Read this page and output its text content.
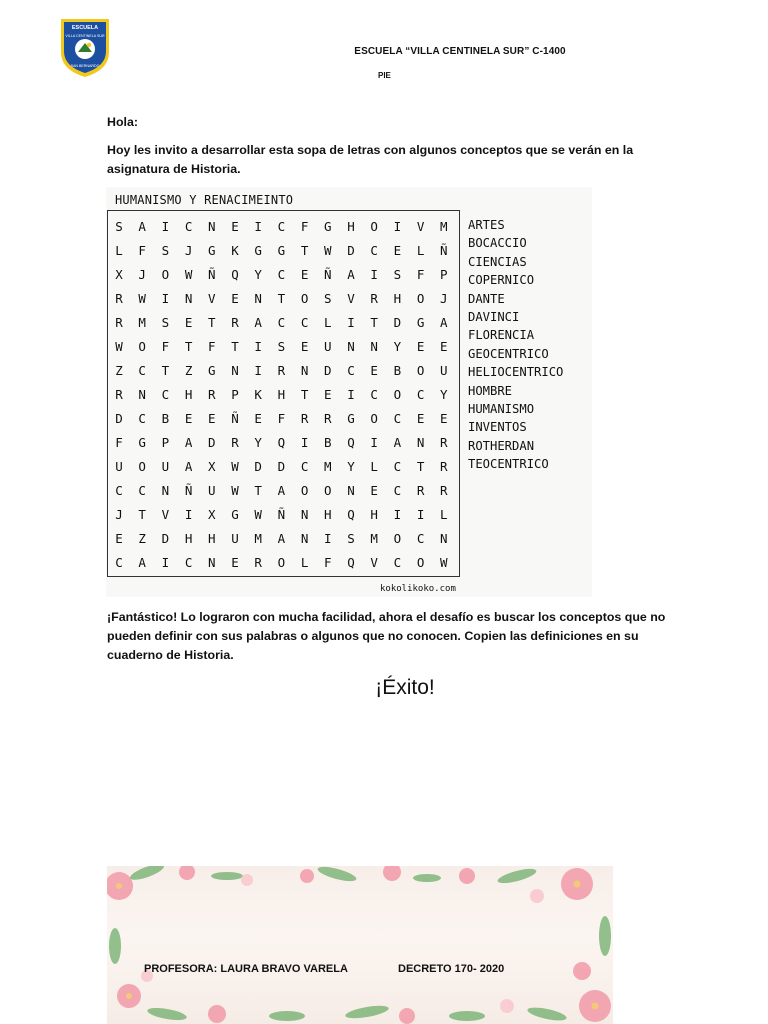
ESCUELA
VILLA CENTINELA SUR
SAN BERNARDO
ESCUELA “VILLA CENTINELA SUR” C-1400
PIE
Hola:
Hoy les invito a desarrollar esta sopa de letras con algunos conceptos que se verán en la asignatura de Historia.
HUMANISMO Y RENACIMEINTO
S	A	I	C	N	E	I	C	F	G	H	O	I	V	M
L	F	S	J	G	K	G	G	T	W	D	C	E	L	Ñ
X	J	O	W	Ñ	Q	Y	C	E	Ñ	A	I	S	F	P
R	W	I	N	V	E	N	T	O	S	V	R	H	O	J
R	M	S	E	T	R	A	C	C	L	I	T	D	G	A
W	O	F	T	F	T	I	S	E	U	N	N	Y	E	E
Z	C	T	Z	G	N	I	R	N	D	C	E	B	O	U
R	N	C	H	R	P	K	H	T	E	I	C	O	C	Y
D	C	B	E	E	Ñ	E	F	R	R	G	O	C	E	E
F	G	P	A	D	R	Y	Q	I	B	Q	I	A	N	R
U	O	U	A	X	W	D	D	C	M	Y	L	C	T	R
C	C	N	Ñ	U	W	T	A	O	O	N	E	C	R	R
J	T	V	I	X	G	W	Ñ	N	H	Q	H	I	I	L
E	Z	D	H	H	U	M	A	N	I	S	M	O	C	N
C	A	I	C	N	E	R	O	L	F	Q	V	C	O	W
ARTES
BOCACCIO
CIENCIAS
COPERNICO
DANTE
DAVINCI
FLORENCIA
GEOCENTRICO
HELIOCENTRICO
HOMBRE
HUMANISMO
INVENTOS
ROTHERDAN
TEOCENTRICO
kokolikoko.com
¡Fantástico! Lo lograron con mucha facilidad, ahora el desafío es buscar los conceptos que no pueden definir con sus palabras o algunos que no conocen. Copien las definiciones en su cuaderno de Historia.
¡Éxito!
PROFESORA: LAURA BRAVO VARELA	DECRETO 170- 2020
